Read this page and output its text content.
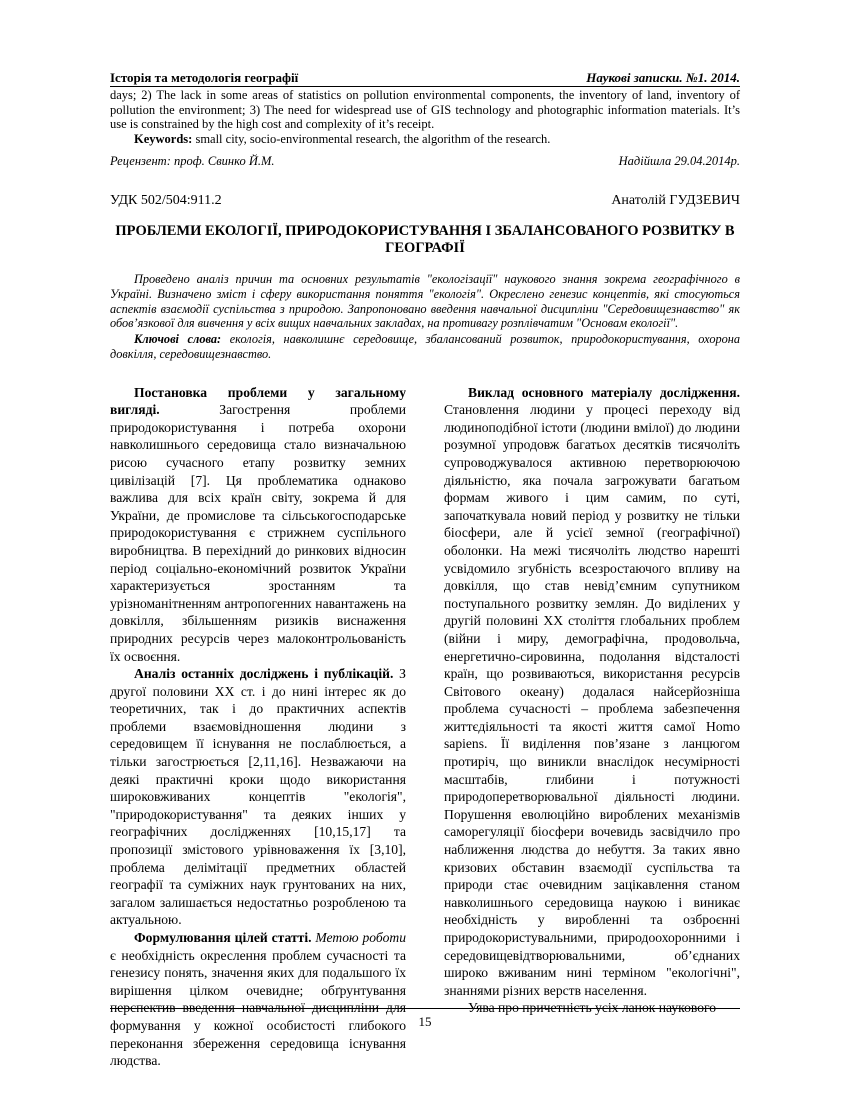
Історія та методологія географії	Наукові записки. №1. 2014.

days; 2) The lack in some areas of statistics on pollution environmental components, the inventory of land, inventory of pollution the environment; 3) The need for widespread use of GIS technology and photographic information materials. It’s use is constrained by the high cost and complexity of it’s receipt.

Keywords: small city, socio-environmental research, the algorithm of the research.

Рецензент: проф. Свинко Й.М.	Надійшла 29.04.2014р.
УДК 502/504:911.2	Анатолій ГУДЗЕВИЧ
ПРОБЛЕМИ ЕКОЛОГІЇ, ПРИРОДОКОРИСТУВАННЯ І ЗБАЛАНСОВАНОГО РОЗВИТКУ В ГЕОГРАФІЇ

Проведено аналіз причин та основних результатів "екологізації" наукового знання зокрема географічного в Україні. Визначено зміст і сферу використання поняття "екологія". Окреслено генезис концептів, які стосуються аспектів взаємодії суспільства з природою. Запропоновано введення навчальної дисципліни "Середовищезнавство" як обов’язкової для вивчення у всіх вищих навчальних закладах, на противагу розплівчатим "Основам екології".

Ключові слова: екологія, навколишнє середовище, збалансований розвиток, природокористування, охорона довкілля, середовищезнавство.

Постановка проблеми у загальному вигляді. Загострення проблеми природокористування і потреба охорони навколишнього середовища стало визначальною рисою сучасного етапу розвитку земних цивілізацій [7]. Ця проблематика однаково важлива для всіх країн світу, зокрема й для України, де промислове та сільськогосподарське природокористування є стрижнем суспільного виробництва. В перехідний до ринкових відносин період соціально-економічний розвиток України характеризується зростанням та урізноманітненням антропогенних навантажень на довкілля, збільшенням ризиків виснаження природних ресурсів через малоконтрольованість їх освоєння.

Аналіз останніх досліджень і публікацій. З другої половини ХХ ст. і до нині інтерес як до теоретичних, так і до практичних аспектів проблеми взаємовідношення людини з середовищем її існування не послаблюється, а тільки загострюється [2,11,16]. Незважаючи на деякі практичні кроки щодо використання широковживаних концептів "екологія", "природокористування" та деяких інших у географічних дослідженнях [10,15,17] та пропозиції змістового урівноваження їх [3,10], проблема делімітації предметних областей географії та суміжних наук грунтованих на них, загалом залишається недостатньо розробленою та актуальною.

Формулювання цілей статті. Метою роботи є необхідність окреслення проблем сучасності та генезису понять, значення яких для подальшого їх вирішення цілком очевидне; обґрунтування перспектив введення навчальної дисципліни для формування у кожної особистості глибокого переконання збереження середовища існування людства.

Виклад основного матеріалу дослідження. Становлення людини у процесі переходу від людиноподібної істоти (людини вмілої) до людини розумної упродовж багатьох десятків тисячоліть супроводжувалося активною перетворюючою діяльністю, яка почала загрожувати багатьом формам живого і цим самим, по суті, започаткувала новий період у розвитку не тільки біосфери, але й усієї земної (географічної) оболонки. На межі тисячоліть людство нарешті усвідомило згубність всезростаючого впливу на довкілля, що став невід’ємним супутником поступального розвитку землян. До виділених у другій половині ХХ століття глобальних проблем (війни і миру, демографічна, продовольча, енергетично-сировинна, подолання відсталості країн, що розвиваються, використання ресурсів Світового океану) додалася найсерйозніша проблема сучасності – проблема забезпечення життєдіяльності та якості життя самої Homo sapiens. Її виділення пов’язане з ланцюгом протиріч, що виникли внаслідок несумірності масштабів, глибини і потужності природоперетворювальної діяльності людини. Порушення еволюційно вироблених механізмів саморегуляції біосфери вочевидь засвідчило про наближення людства до небуття. За таких явно кризових обставин взаємодії суспільства та природи стає очевидним зацікавлення станом навколишнього середовища наукою і виникає необхідність у виробленні та озброєнні природокористувальними, природоохоронними і середовищевідтворювальними, об’єднаних широко вживаним нині терміном "екологічні", знаннями різних верств населення.

Уява про причетність усіх ланок наукового

15
